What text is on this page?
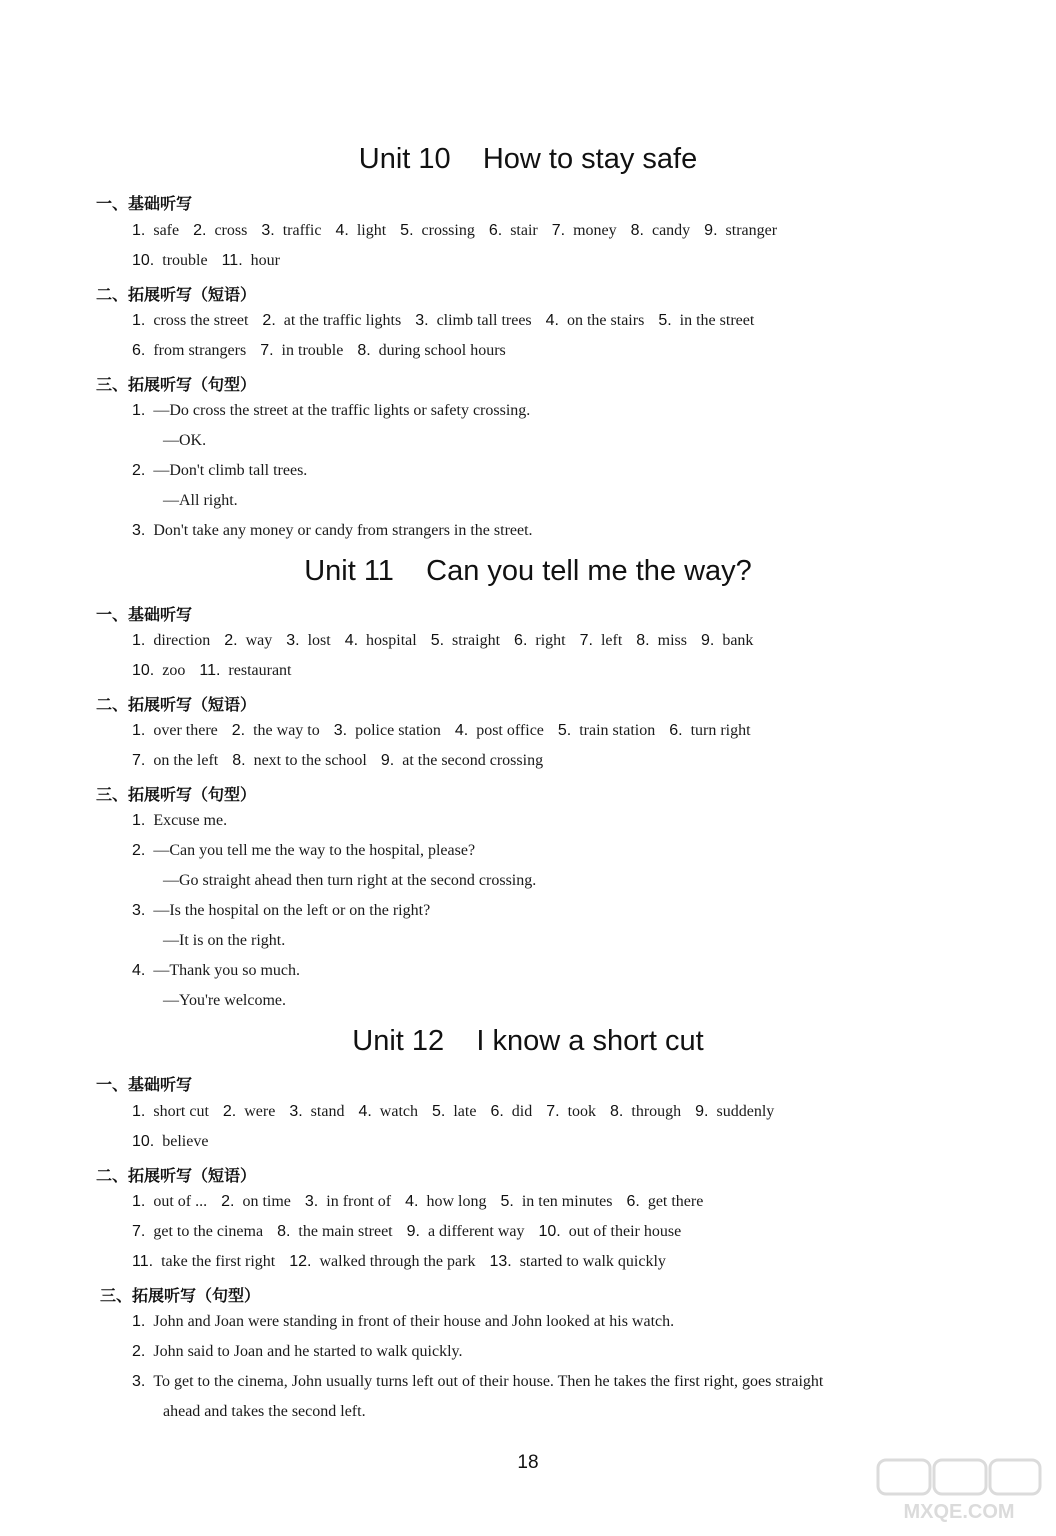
Unit 10    How to stay safe
一、基础听写
1. safe 2. cross 3. traffic 4. light 5. crossing 6. stair 7. money 8. candy 9. stranger
10. trouble 11. hour
二、拓展听写（短语）
1. cross the street 2. at the traffic lights 3. climb tall trees 4. on the stairs 5. in the street
6. from strangers 7. in trouble 8. during school hours
三、拓展听写（句型）
1. —Do cross the street at the traffic lights or safety crossing.
—OK.
2. —Don't climb tall trees.
—All right.
3. Don't take any money or candy from strangers in the street.
Unit 11    Can you tell me the way?
一、基础听写
1. direction 2. way 3. lost 4. hospital 5. straight 6. right 7. left 8. miss 9. bank
10. zoo 11. restaurant
二、拓展听写（短语）
1. over there 2. the way to 3. police station 4. post office 5. train station 6. turn right
7. on the left 8. next to the school 9. at the second crossing
三、拓展听写（句型）
1. Excuse me.
2. —Can you tell me the way to the hospital, please?
—Go straight ahead then turn right at the second crossing.
3. —Is the hospital on the left or on the right?
—It is on the right.
4. —Thank you so much.
—You're welcome.
Unit 12    I know a short cut
一、基础听写
1. short cut 2. were 3. stand 4. watch 5. late 6. did 7. took 8. through 9. suddenly
10. believe
二、拓展听写（短语）
1. out of ... 2. on time 3. in front of 4. how long 5. in ten minutes 6. get there
7. get to the cinema 8. the main street 9. a different way 10. out of their house
11. take the first right 12. walked through the park 13. started to walk quickly
三、拓展听写（句型）
1. John and Joan were standing in front of their house and John looked at his watch.
2. John said to Joan and he started to walk quickly.
3. To get to the cinema, John usually turns left out of their house. Then he takes the first right, goes straight
ahead and takes the second left.
18
MXQE.COM
